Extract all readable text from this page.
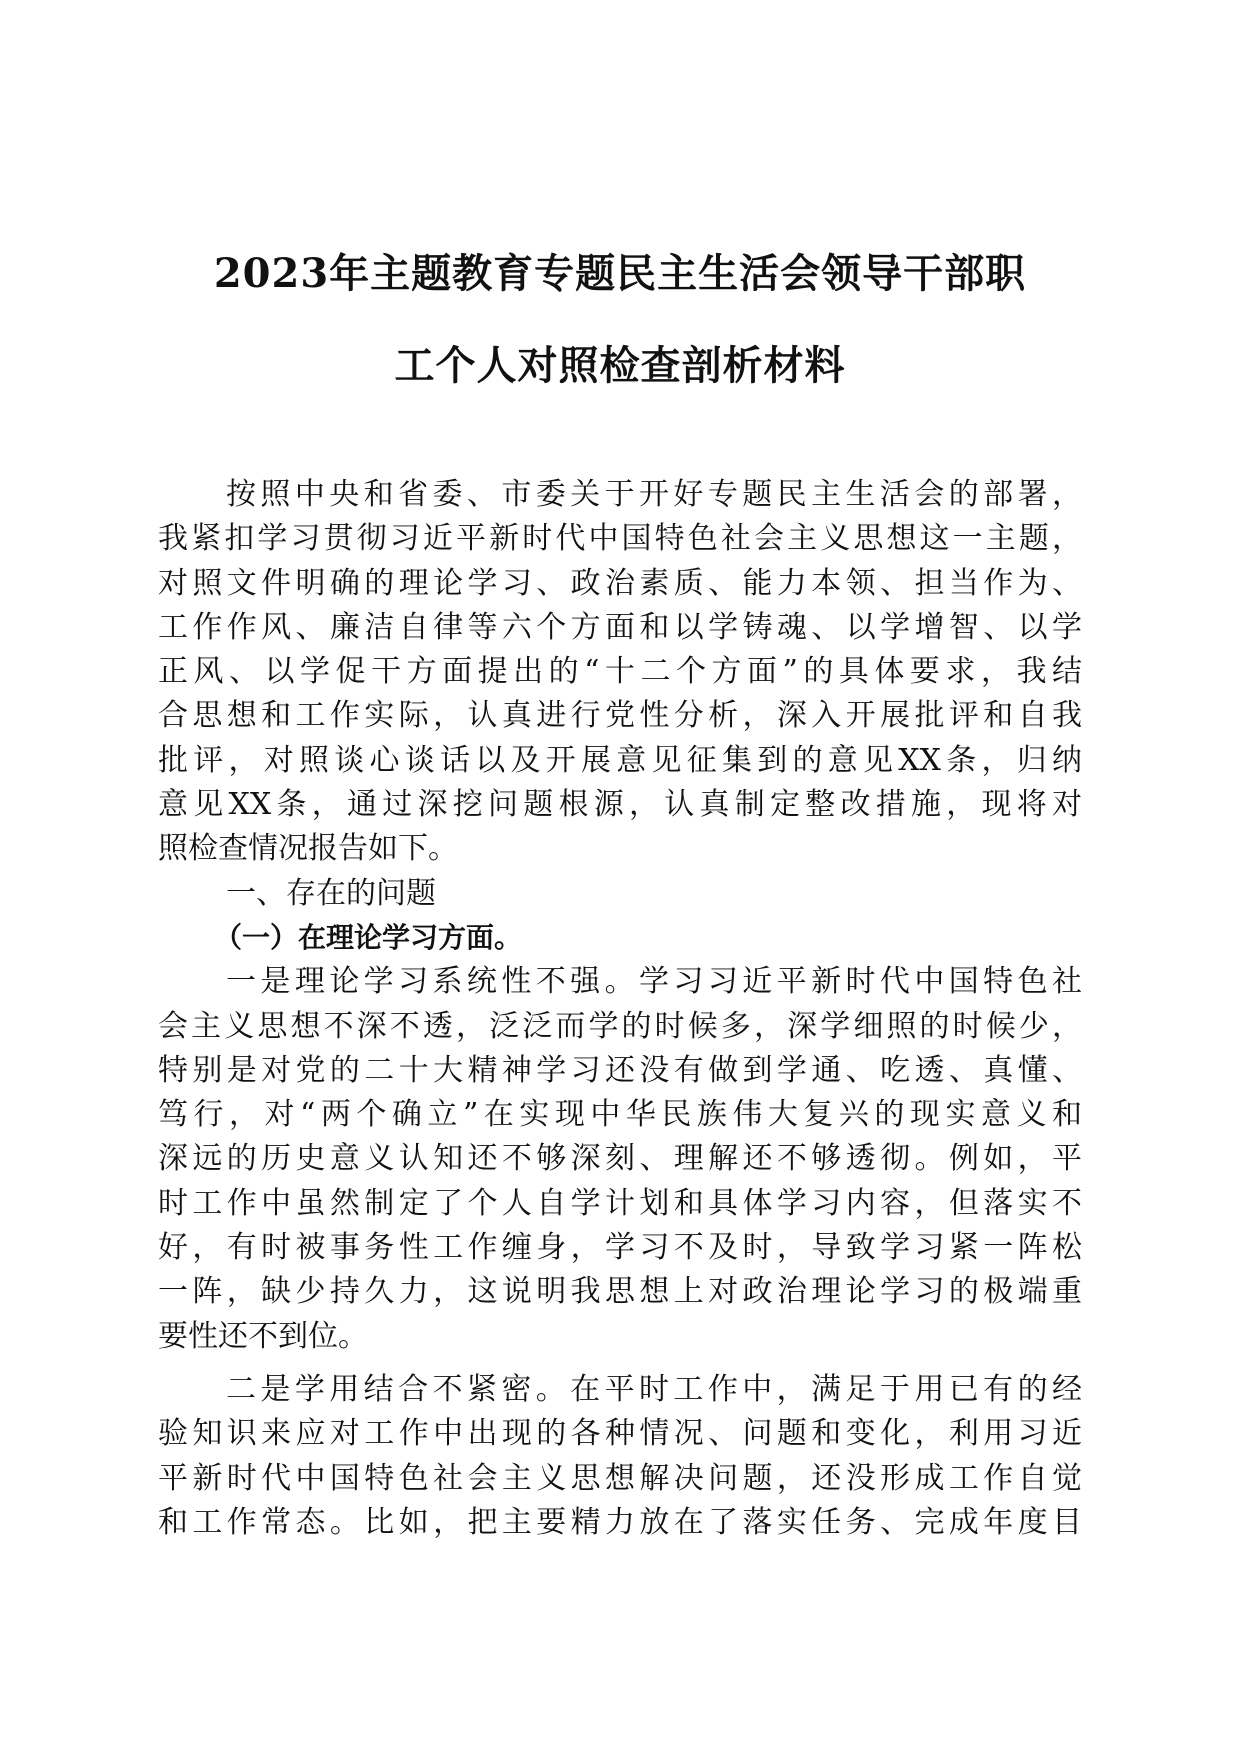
2023年主题教育专题民主生活会领导干部职
工个人对照检查剖析材料
按照中央和省委、市委关于开好专题民主生活会的部署，
我紧扣学习贯彻习近平新时代中国特色社会主义思想这一主题，
对照文件明确的理论学习、政治素质、能力本领、担当作为、
工作作风、廉洁自律等六个方面和以学铸魂、以学增智、以学
正风、以学促干方面提出的“十二个方面”的具体要求，我结
合思想和工作实际，认真进行党性分析，深入开展批评和自我
批评，对照谈心谈话以及开展意见征集到的意见XX条，归纳
意见XX条，通过深挖问题根源，认真制定整改措施，现将对
照检查情况报告如下。
一、存在的问题
（一）在理论学习方面。
一是理论学习系统性不强。学习习近平新时代中国特色社
会主义思想不深不透，泛泛而学的时候多，深学细照的时候少，
特别是对党的二十大精神学习还没有做到学通、吃透、真懂、
笃行，对“两个确立”在实现中华民族伟大复兴的现实意义和
深远的历史意义认知还不够深刻、理解还不够透彻。例如，平
时工作中虽然制定了个人自学计划和具体学习内容，但落实不
好，有时被事务性工作缠身，学习不及时，导致学习紧一阵松
一阵，缺少持久力，这说明我思想上对政治理论学习的极端重
要性还不到位。
二是学用结合不紧密。在平时工作中，满足于用已有的经
验知识来应对工作中出现的各种情况、问题和变化，利用习近
平新时代中国特色社会主义思想解决问题，还没形成工作自觉
和工作常态。比如，把主要精力放在了落实任务、完成年度目
